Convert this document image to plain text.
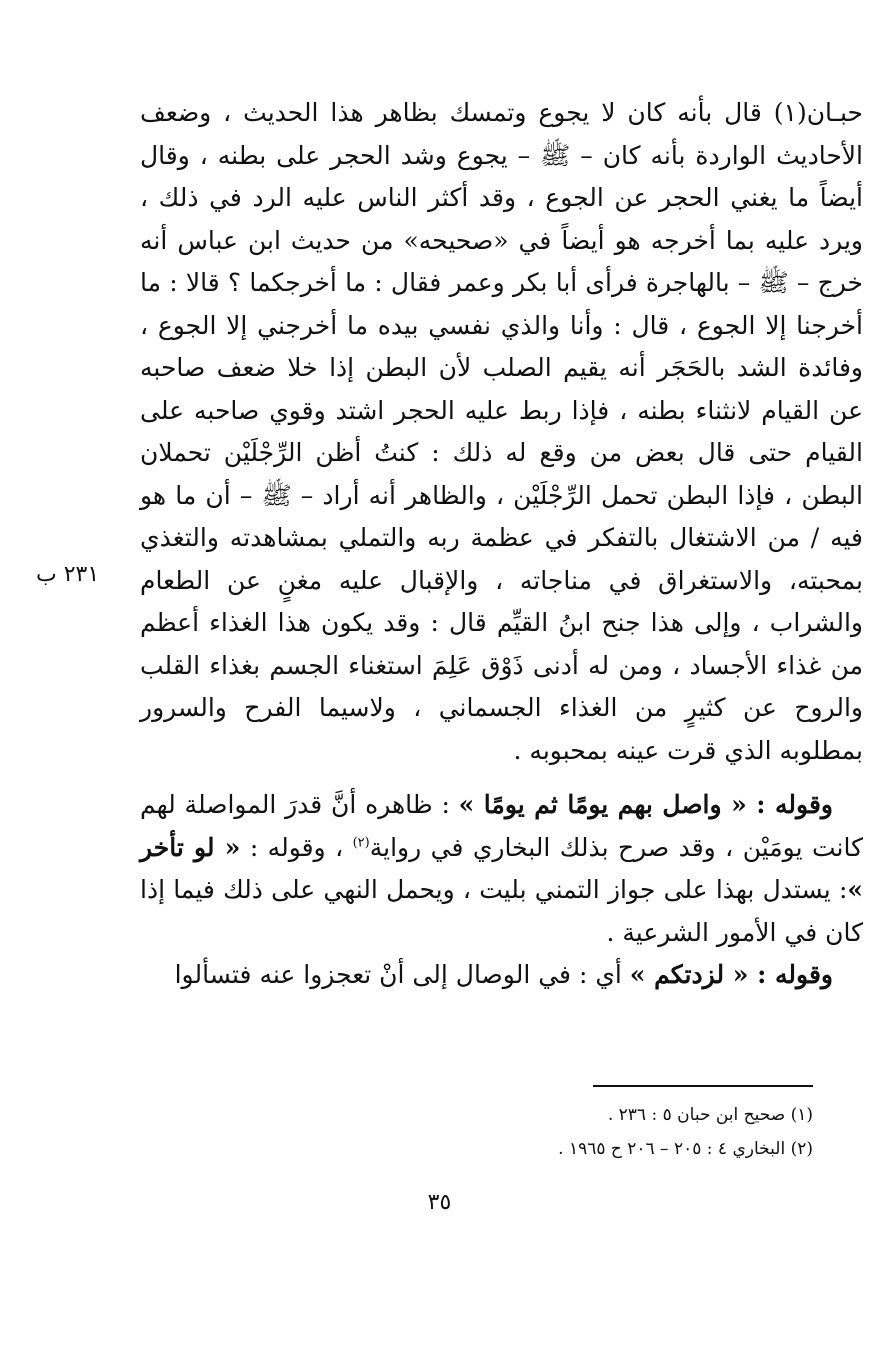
حبـان(١) قال بأنه كان لا يجوع وتمسك بظاهر هذا الحديث ، وضعف الأحاديث الواردة بأنه كان – ﷺ – يجوع وشد الحجر على بطنه ، وقال أيضاً ما يغني الحجر عن الجوع ، وقد أكثر الناس عليه الرد في ذلك ، ويرد عليه بما أخرجه هو أيضاً في «صحيحه» من حديث ابن عباس أنه خرج – ﷺ – بالهاجرة فرأى أبا بكر وعمر فقال : ما أخرجكما ؟ قالا : ما أخرجنا إلا الجوع ، قال : وأنا والذي نفسي بيده ما أخرجني إلا الجوع ، وفائدة الشد بالحَجَر أنه يقيم الصلب لأن البطن إذا خلا ضعف صاحبه عن القيام لانثناء بطنه ، فإذا ربط عليه الحجر اشتد وقوي صاحبه على القيام حتى قال بعض من وقع له ذلك : كنتُ أظن الرِّجْلَيْن تحملان البطن ، فإذا البطن تحمل الرِّجْلَيْن ، والظاهر أنه أراد – ﷺ – أن ما هو فيه / من الاشتغال بالتفكر في عظمة ربه والتملي بمشاهدته والتغذي بمحبته، والاستغراق في مناجاته ، والإقبال عليه مغنٍ عن الطعام والشراب ، وإلى هذا جنح ابنُ القيِّم قال : وقد يكون هذا الغذاء أعظم من غذاء الأجساد ، ومن له أدنى ذَوْق عَلِمَ استغناء الجسم بغذاء القلب والروح عن كثيرٍ من الغذاء الجسماني ، ولاسيما الفرح والسرور بمطلوبه الذي قرت عينه بمحبوبه .

وقوله : « واصل بهم يومًا ثم يومًا » : ظاهره أنَّ قدرَ المواصلة لهم كانت يومَيْن ، وقد صرح بذلك البخاري في رواية$^{(٢)}$ ، وقوله : « لو تأخر »: يستدل بهذا على جواز التمني بليت ، ويحمل النهي على ذلك فيما إذا كان في الأمور الشرعية .

وقوله : « لزدتكم » أي : في الوصال إلى أنْ تعجزوا عنه فتسألوا

٢٣١ ب
(١) صحيح ابن حبان ٥ : ٢٣٦ .
(٢) البخاري ٤ : ٢٠٥ – ٢٠٦ ح ١٩٦٥ .
٣٥
